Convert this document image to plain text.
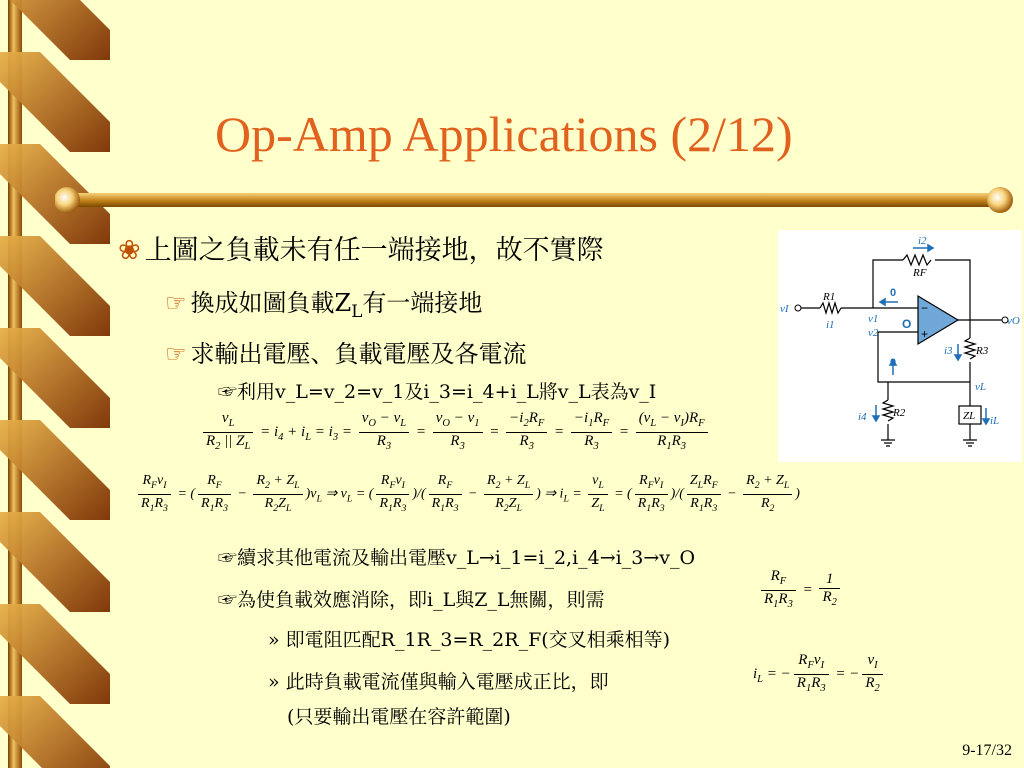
Op-Amp Applications (2/12)
❀ 上圖之負載未有任一端接地，故不實際
☞ 換成如圖負載$Z_L$有一端接地
☞ 求輸出電壓、負載電壓及各電流
☞利用v_L=v_2=v_1及i_3=i_4+i_L將v_L表為v_I
$\frac{v_L}{R_2 || Z_L} = i_4 + i_L = i_3 = \frac{v_O - v_L}{R_3} = \frac{v_O - v_1}{R_3} = \frac{-i_2R_F}{R_3} = \frac{-i_1R_F}{R_3} = \frac{(v_L - v_I)R_F}{R_1R_3}$
$\frac{R_Fv_I}{R_1R_3}$ = ( $\frac{R_F}{R_1R_3} - \frac{R_2 + Z_L}{R_2Z_L} )v_L$ ⇒ $v_L$ = ( $\frac{R_Fv_I}{R_1R_3}$ )/( $\frac{R_F}{R_1R_3} - \frac{R_2 + Z_L}{R_2Z_L}$ ) ⇒ $i_L = \frac{v_L}{Z_L}$ = ( $\frac{R_Fv_I}{R_1R_3}$ )/( $\frac{Z_LR_F}{R_1R_3} - \frac{R_2 + Z_L}{R_2}$ )
☞續求其他電流及輸出電壓v_L→i_1=i_2,i_4→i_3→v_O
☞為使負載效應消除，即i_L與Z_L無關，則需	$\frac{R_F}{R_1R_3} = \frac{1}{R_2}$
» 即電阻匹配R_1R_3=R_2R_F(交叉相乘相等)
» 此時負載電流僅與輸入電壓成正比，即	$i_L$ = − $\frac{R_Fv_I}{R_1R_3}$ = − $\frac{v_I}{R_2}$
(只要輸出電壓在容許範圍)
i2
vI
i1	v1
v2
vO
i3
vL
i4	iL
RF
R1
R3
R2	ZL
0
0
−
+
O
9-17/32
